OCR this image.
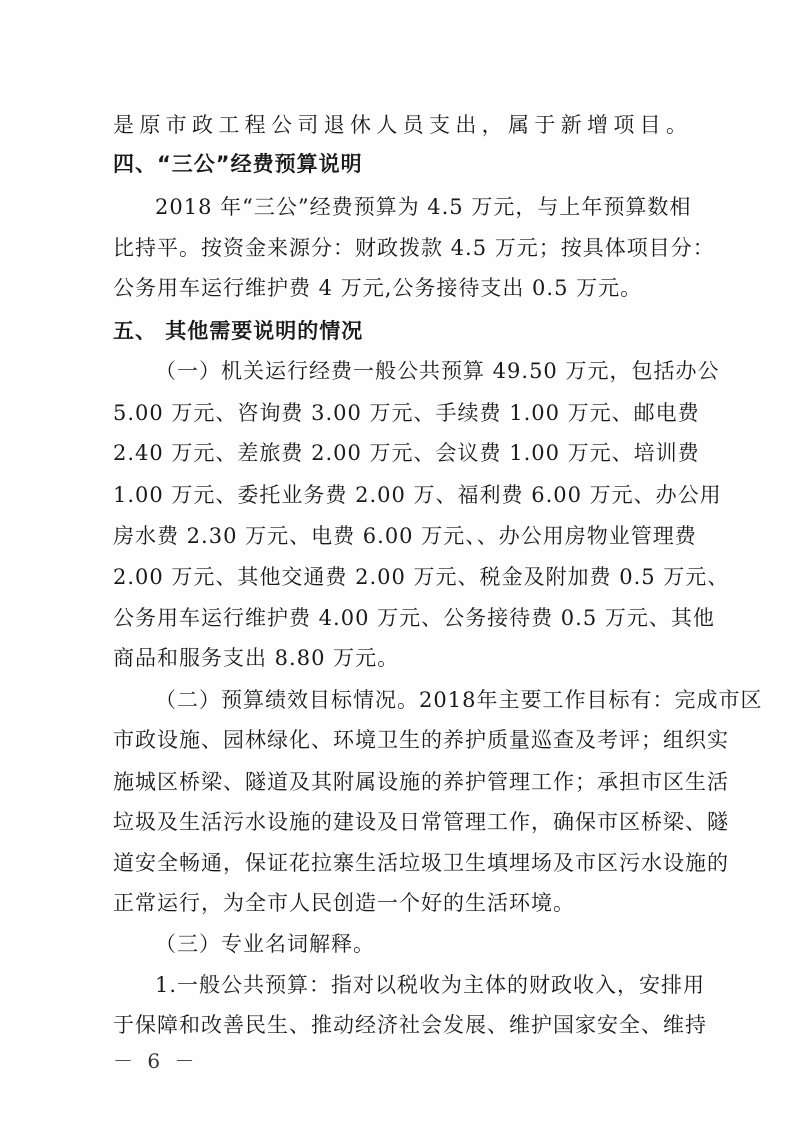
是原市政工程公司退休人员支出，属于新增项目。
四、“三公”经费预算说明
2018 年“三公”经费预算为 4.5 万元，与上年预算数相
比持平。按资金来源分：财政拨款 4.5 万元；按具体项目分：
公务用车运行维护费 4 万元,公务接待支出 0.5 万元。
五、 其他需要说明的情况
（一）机关运行经费一般公共预算 49.50 万元，包括办公
5.00 万元、咨询费 3.00 万元、手续费 1.00 万元、邮电费
2.40 万元、差旅费 2.00 万元、会议费 1.00 万元、培训费
1.00 万元、委托业务费 2.00 万、福利费 6.00 万元、办公用
房水费 2.30 万元、电费 6.00 万元、、办公用房物业管理费
2.00 万元、其他交通费 2.00 万元、税金及附加费 0.5 万元、
公务用车运行维护费 4.00 万元、公务接待费 0.5 万元、其他
商品和服务支出 8.80 万元。
（二）预算绩效目标情况。2018年主要工作目标有：完成市区
市政设施、园林绿化、环境卫生的养护质量巡查及考评；组织实
施城区桥梁、隧道及其附属设施的养护管理工作；承担市区生活
垃圾及生活污水设施的建设及日常管理工作，确保市区桥梁、隧
道安全畅通，保证花拉寨生活垃圾卫生填埋场及市区污水设施的
正常运行，为全市人民创造一个好的生活环境。
（三）专业名词解释。
1.一般公共预算：指对以税收为主体的财政收入，安排用
于保障和改善民生、推动经济社会发展、维护国家安全、维持
－ 6 －
